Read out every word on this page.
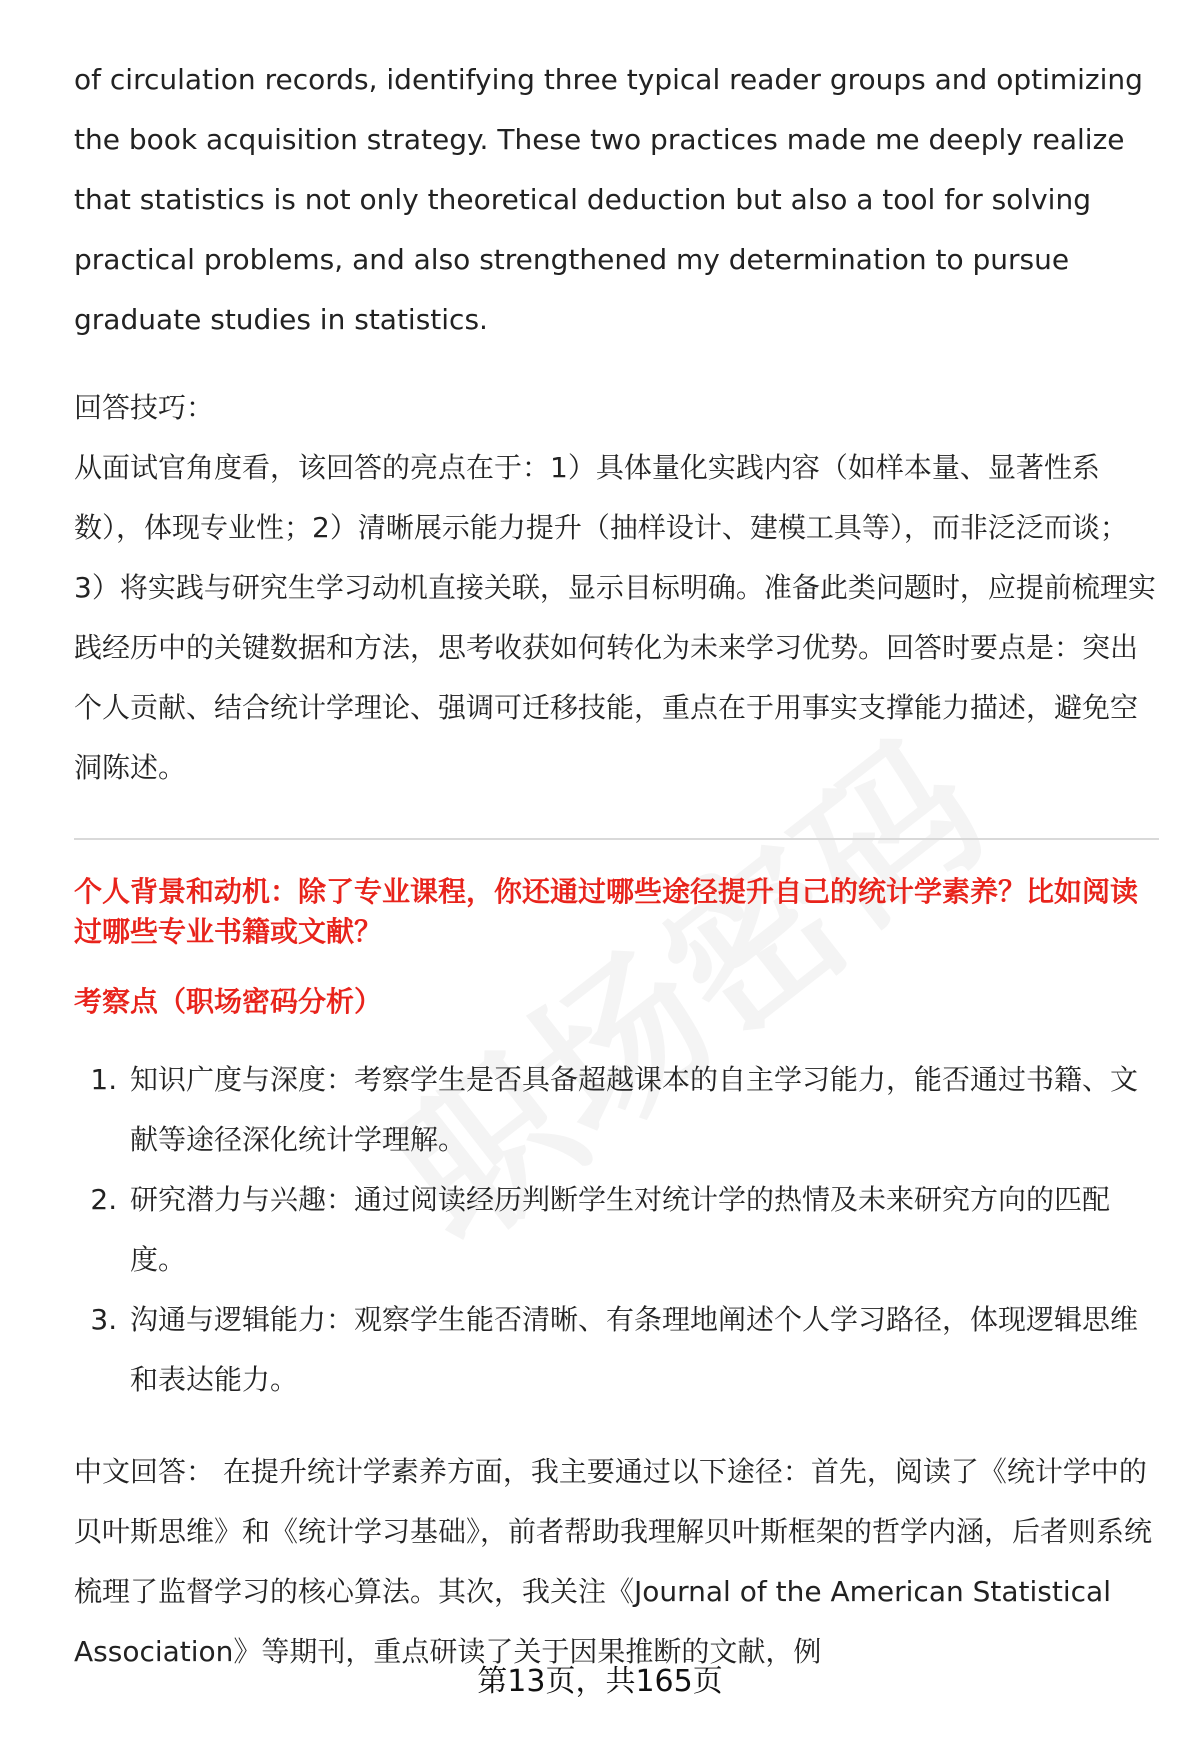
of circulation records, identifying three typical reader groups and optimizing the book acquisition strategy. These two practices made me deeply realize that statistics is not only theoretical deduction but also a tool for solving practical problems, and also strengthened my determination to pursue graduate studies in statistics.

回答技巧：

从面试官角度看，该回答的亮点在于：1）具体量化实践内容（如样本量、显著性系数），体现专业性；2）清晰展示能力提升（抽样设计、建模工具等），而非泛泛而谈；3）将实践与研究生学习动机直接关联，显示目标明确。准备此类问题时，应提前梳理实践经历中的关键数据和方法，思考收获如何转化为未来学习优势。回答时要点是：突出个人贡献、结合统计学理论、强调可迁移技能，重点在于用事实支撑能力描述，避免空洞陈述。

个人背景和动机：除了专业课程，你还通过哪些途径提升自己的统计学素养？比如阅读过哪些专业书籍或文献？

考察点（职场密码分析）

1. 知识广度与深度：考察学生是否具备超越课本的自主学习能力，能否通过书籍、文献等途径深化统计学理解。
2. 研究潜力与兴趣：通过阅读经历判断学生对统计学的热情及未来研究方向的匹配度。
3. 沟通与逻辑能力：观察学生能否清晰、有条理地阐述个人学习路径，体现逻辑思维和表达能力。

中文回答： 在提升统计学素养方面，我主要通过以下途径：首先，阅读了《统计学中的贝叶斯思维》和《统计学习基础》，前者帮助我理解贝叶斯框架的哲学内涵，后者则系统梳理了监督学习的核心算法。其次，我关注《Journal of the American Statistical Association》等期刊，重点研读了关于因果推断的文献，例

第13页，共165页
